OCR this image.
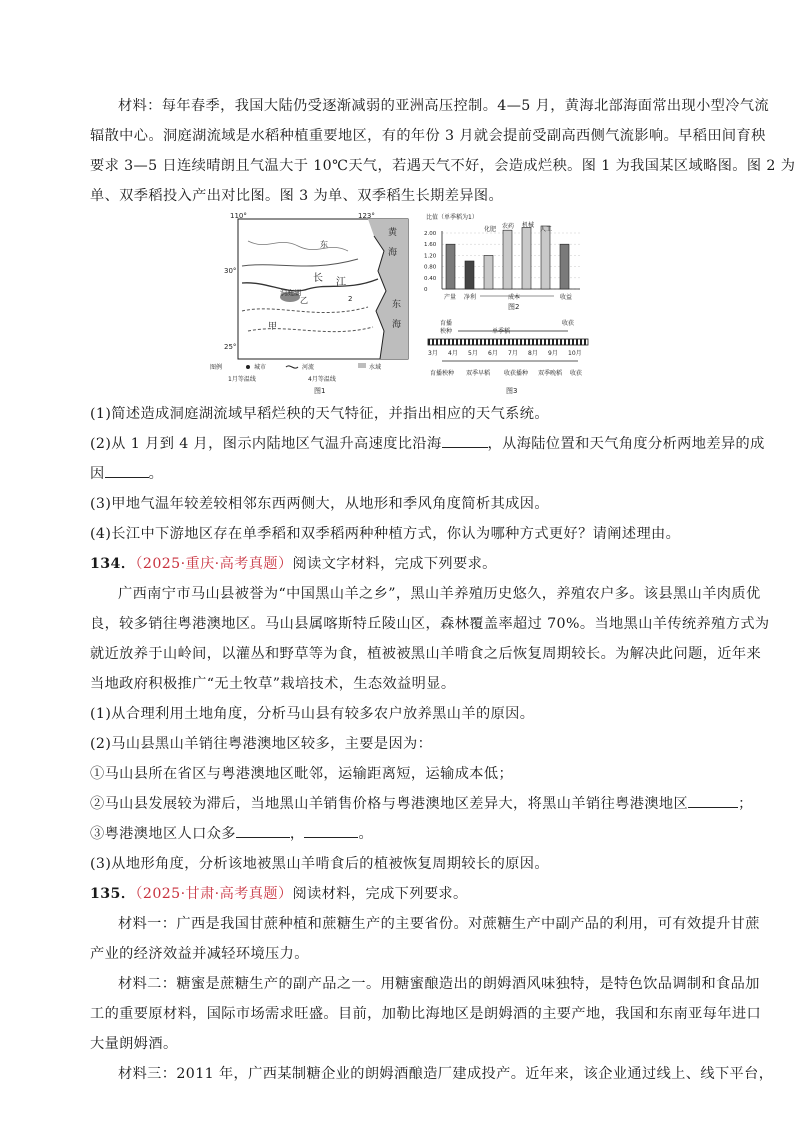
材料：每年春季，我国大陆仍受逐渐减弱的亚洲高压控制。4—5 月，黄海北部海面常出现小型冷气流
辐散中心。洞庭湖流域是水稻种植重要地区，有的年份 3 月就会提前受副高西侧气流影响。早稻田间育秧
要求 3—5 日连续晴朗且气温大于 10℃天气，若遇天气不好，会造成烂秧。图 1 为我国某区域略图。图 2 为
单、双季稻投入产出对比图。图 3 为单、双季稻生长期差异图。
110°	123°
30°
25°
长 江
洞庭湖
黄
海
东
海
甲
乙
东
2
图例	城市	河流	水域
1月等温线	4月等温线
图1
比值（单季稻为1）
2.00
1.60
1.20
0.80
0.40
0
化肥 农药 机械
人工
产量 净利	成本	收益
图2
育播
秧种	单季稻
收获
3月 4月 5月 6月 7月 8月 9月 10月
育播秧种 双季早稻 收获播种 双季晚稻 收获
图3
(1)简述造成洞庭湖流域早稻烂秧的天气特征，并指出相应的天气系统。
(2)从 1 月到 4 月，图示内陆地区气温升高速度比沿海	，从海陆位置和天气角度分析两地差异的成
因	。
(3)甲地气温年较差较相邻东西两侧大，从地形和季风角度简析其成因。
(4)长江中下游地区存在单季稻和双季稻两种种植方式，你认为哪种方式更好？请阐述理由。
134．（2025·重庆·高考真题）阅读文字材料，完成下列要求。
广西南宁市马山县被誉为“中国黑山羊之乡”，黑山羊养殖历史悠久，养殖农户多。该县黑山羊肉质优
良，较多销往粤港澳地区。马山县属喀斯特丘陵山区，森林覆盖率超过 70%。当地黑山羊传统养殖方式为
就近放养于山岭间，以灌丛和野草等为食，植被被黑山羊啃食之后恢复周期较长。为解决此问题，近年来
当地政府积极推广“无土牧草”栽培技术，生态效益明显。
(1)从合理利用土地角度，分析马山县有较多农户放养黑山羊的原因。
(2)马山县黑山羊销往粤港澳地区较多，主要是因为：
①马山县所在省区与粤港澳地区毗邻，运输距离短，运输成本低；
②马山县发展较为滞后，当地黑山羊销售价格与粤港澳地区差异大，将黑山羊销往粤港澳地区	；
③粤港澳地区人口众多	，	。
(3)从地形角度，分析该地被黑山羊啃食后的植被恢复周期较长的原因。
135．（2025·甘肃·高考真题）阅读材料，完成下列要求。
材料一：广西是我国甘蔗种植和蔗糖生产的主要省份。对蔗糖生产中副产品的利用，可有效提升甘蔗
产业的经济效益并减轻环境压力。
材料二：糖蜜是蔗糖生产的副产品之一。用糖蜜酿造出的朗姆酒风味独特，是特色饮品调制和食品加
工的重要原材料，国际市场需求旺盛。目前，加勒比海地区是朗姆酒的主要产地，我国和东南亚每年进口
大量朗姆酒。
材料三：2011 年，广西某制糖企业的朗姆酒酿造厂建成投产。近年来，该企业通过线上、线下平台，
